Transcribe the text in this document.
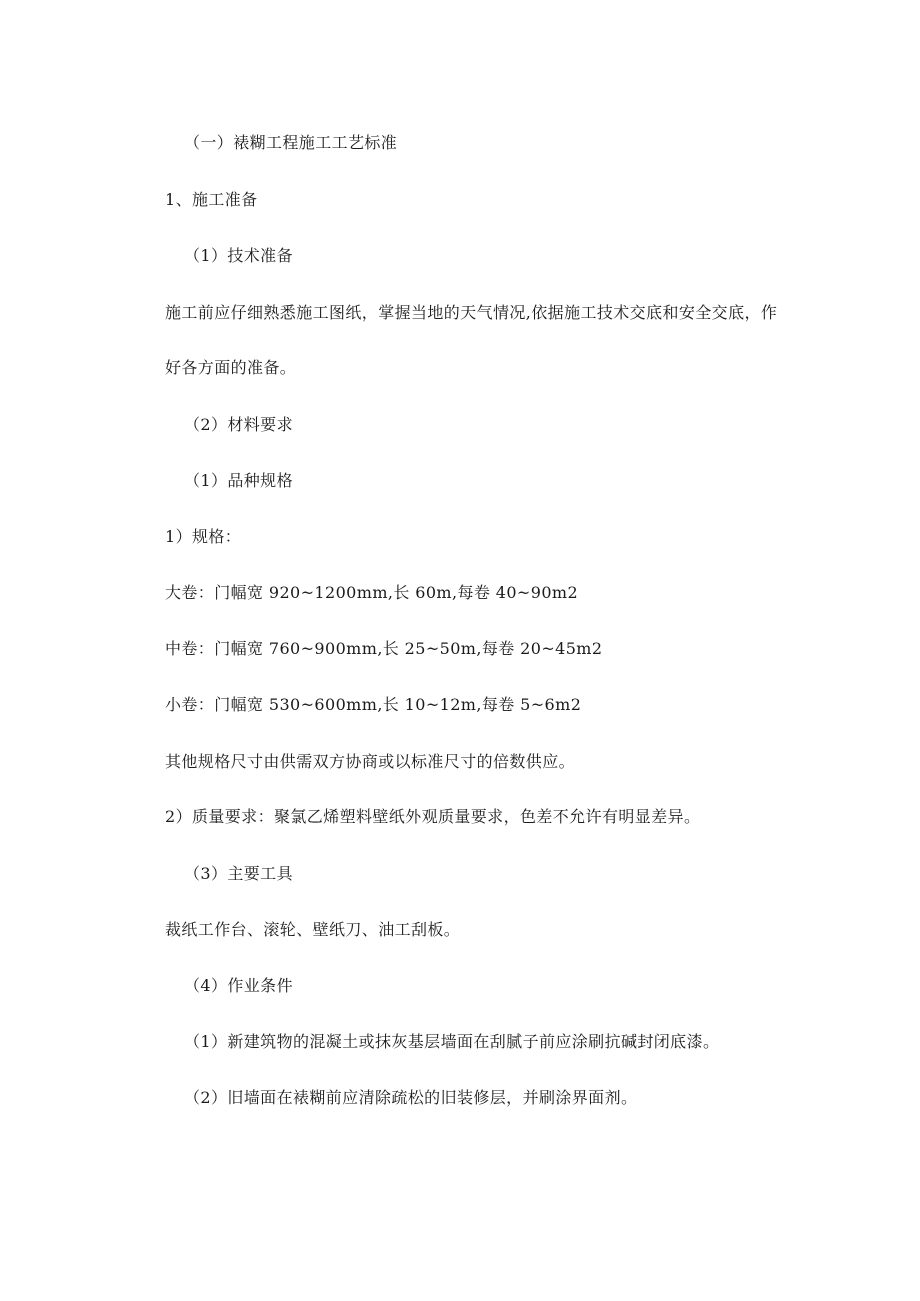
（一）裱糊工程施工工艺标准
1、施工准备
（1）技术准备
施工前应仔细熟悉施工图纸，掌握当地的天气情况,依据施工技术交底和安全交底，作
好各方面的准备。
（2）材料要求
（1）品种规格
1）规格：
大卷：门幅宽 920~1200mm,长 60m,每卷 40~90m2
中卷：门幅宽 760~900mm,长 25~50m,每卷 20~45m2
小卷：门幅宽 530~600mm,长 10~12m,每卷 5~6m2
其他规格尺寸由供需双方协商或以标准尺寸的倍数供应。
2）质量要求：聚氯乙烯塑料壁纸外观质量要求，色差不允许有明显差异。
（3）主要工具
裁纸工作台、滚轮、壁纸刀、油工刮板。
（4）作业条件
（1）新建筑物的混凝土或抹灰基层墙面在刮腻子前应涂刷抗碱封闭底漆。
（2）旧墙面在裱糊前应清除疏松的旧装修层，并刷涂界面剂。
